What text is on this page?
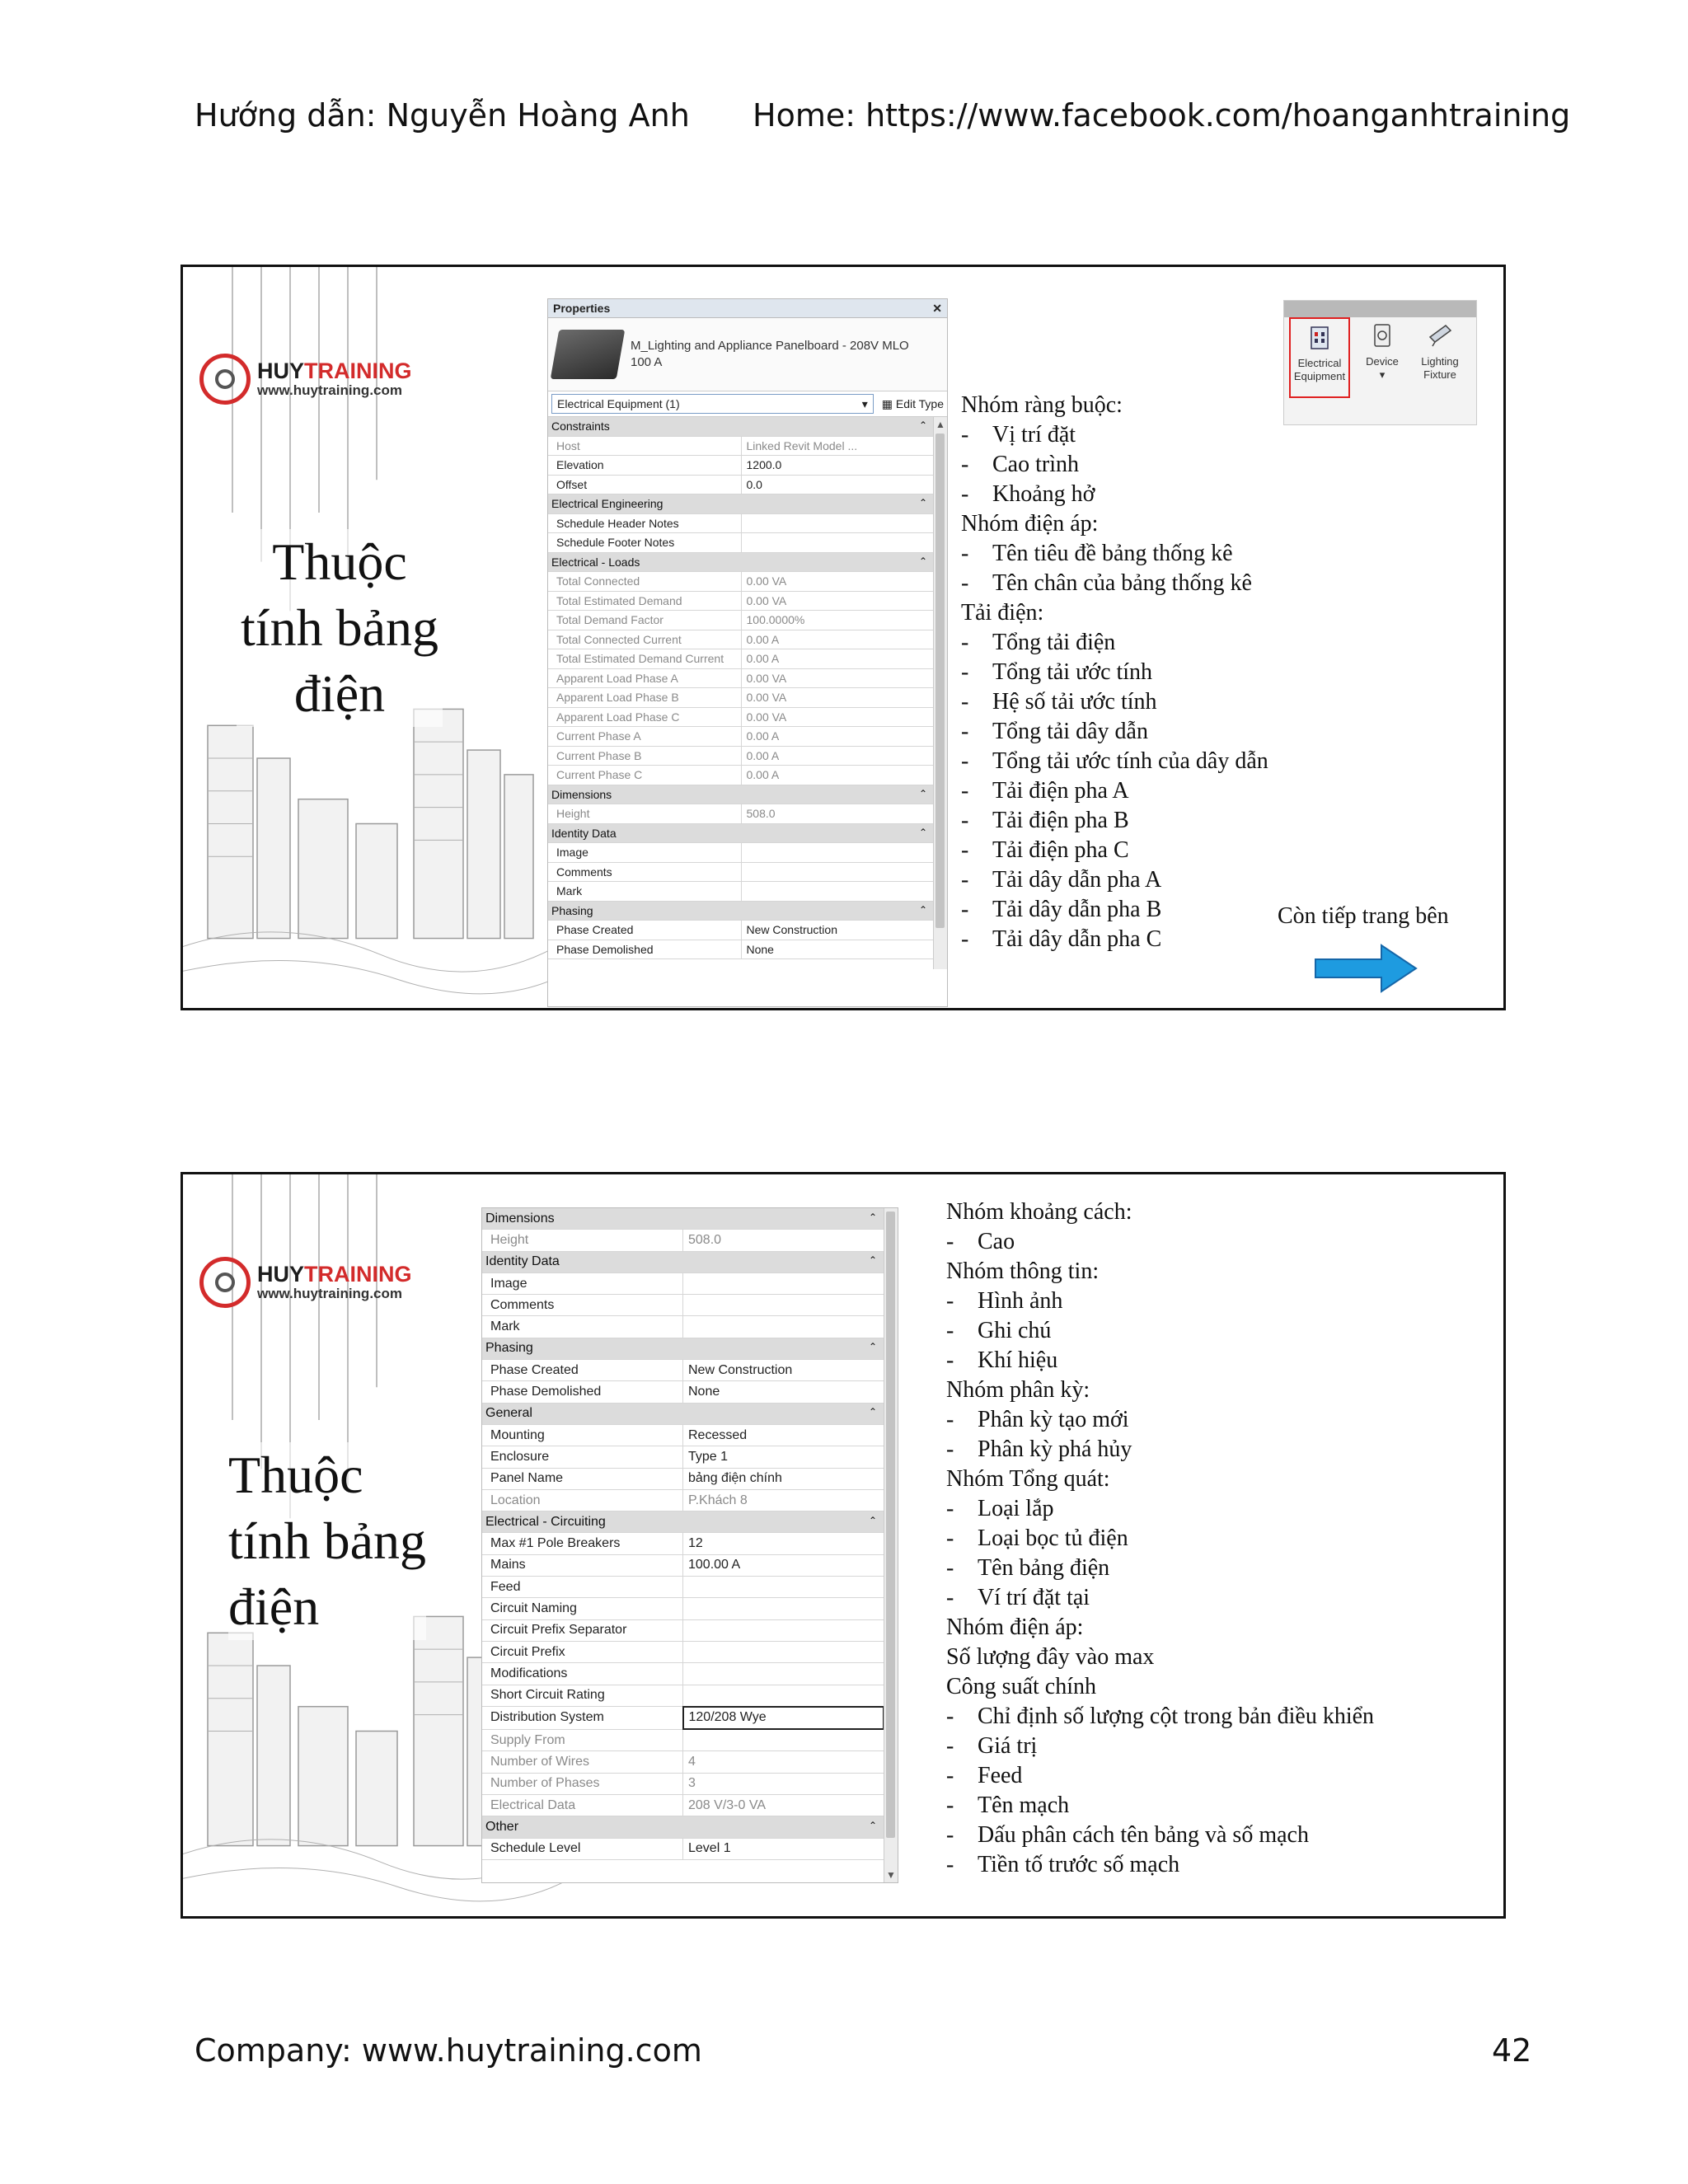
Hướng dẫn: Nguyễn Hoàng Anh Home: https://www.facebook.com/hoanganhtraining
HUYTRAINING
www.huytraining.com
Thuộc
tính bảng
điện
Properties	✕
M_Lighting and Appliance Panelboard - 208V MLO
100 A
Electrical Equipment (1)	▾ ▦ Edit Type
Constraints ⌃	

Host	Linked Revit Model ...
Elevation	1200.0
Offset	0.0
Electrical Engineering ⌃	

Schedule Header Notes	
Schedule Footer Notes	
Electrical - Loads ⌃	

Total Connected	0.00 VA
Total Estimated Demand	0.00 VA
Total Demand Factor	100.0000%
Total Connected Current	0.00 A
Total Estimated Demand Current	0.00 A
Apparent Load Phase A	0.00 VA
Apparent Load Phase B	0.00 VA
Apparent Load Phase C	0.00 VA
Current Phase A	0.00 A
Current Phase B	0.00 A
Current Phase C	0.00 A
Dimensions ⌃	

Height	508.0
Identity Data ⌃	

Image	
Comments	
Mark	
Phasing ⌃	

Phase Created	New Construction
Phase Demolished	None
▲
Electrical
Equipment
Device
▾
Lighting
Fixture
Nhóm ràng buộc:
- Vị trí đặt
- Cao trình
- Khoảng hở
Nhóm điện áp:
- Tên tiêu đề bảng thống kê
- Tên chân của bảng thống kê
Tải điện:
- Tổng tải điện
- Tổng tải ước tính
- Hệ số tải ước tính
- Tổng tải dây dẫn
- Tổng tải ước tính của dây dẫn
- Tải điện pha A
- Tải điện pha B
- Tải điện pha C
- Tải dây dẫn pha A
- Tải dây dẫn pha B
- Tải dây dẫn pha C
Còn tiếp trang bên
HUYTRAINING
www.huytraining.com
Thuộc
tính bảng
điện
Dimensions ⌃	

Height	508.0
Identity Data ⌃	

Image	
Comments	
Mark	
Phasing ⌃	

Phase Created	New Construction
Phase Demolished	None
General ⌃	

Mounting	Recessed
Enclosure	Type 1
Panel Name	bảng điện chính
Location	P.Khách 8
Electrical - Circuiting ⌃	

Max #1 Pole Breakers	12
Mains	100.00 A
Feed	
Circuit Naming	
Circuit Prefix Separator	
Circuit Prefix	
Modifications	
Short Circuit Rating	
Distribution System	120/208 Wye
Supply From	
Number of Wires	4
Number of Phases	3
Electrical Data	208 V/3-0 VA
Other ⌃	

Schedule Level	Level 1
▼
Nhóm khoảng cách:
- Cao
Nhóm thông tin:
- Hình ảnh
- Ghi chú
- Khí hiệu
Nhóm phân kỳ:
- Phân kỳ tạo mới
- Phân kỳ phá hủy
Nhóm Tổng quát:
- Loại lắp
- Loại bọc tủ điện
- Tên bảng điện
- Ví trí đặt tại
Nhóm điện áp:
Số lượng đây vào max
Công suất chính
- Chỉ định số lượng cột trong bản điều khiển
- Giá trị
- Feed
- Tên mạch
- Dấu phân cách tên bảng và số mạch
- Tiền tố trước số mạch
Company: www.huytraining.com	42
